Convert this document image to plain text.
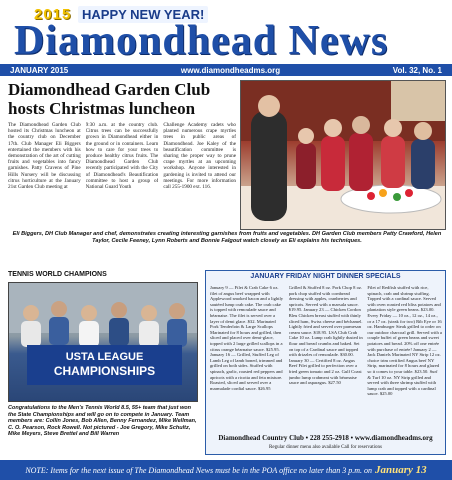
2015 HAPPY NEW YEAR!
Diamondhead News
JANUARY 2015	www.diamondheadms.org	Vol. 32, No. 1
Diamondhead Garden Club hosts Christmas luncheon
The Diamondhead Garden Club hosted its Christmas luncheon at the country club on December 17th. Club Manager Eli Biggers entertained the members with his demonstration of the art of cutting fruits and vegetables into fancy garnishes. Patty Cravens of Pine Hills Nursery will be discussing citrus horticulture at the January 21st Garden Club meeting at
9:30 a.m. at the country club. Citrus trees can be successfully grown in Diamondhead either in the ground or in containers. Learn how to care for your trees to produce healthy citrus fruits. The Diamondhead Garden Club recently participated with the City of Diamondhead's Beautification committee to host a group of National Guard Youth
Challenge Academy cadets who planted numerous crape myrtles trees in public areas of Diamondhead. Joe Kaley of the beautification committee is sharing the proper way to prune crape myrtles at an upcoming workshop. Anyone interested in gardening is invited to attend our meetings. For more information call 255-1900 ext. 116.
Eli Biggers, DH Club Manager and chef, demonstrates creating interesting garnishes from fruits and vegetables. DH Garden Club members Patty Crawford, Helen Taylor, Cecile Feeney, Lynn Roberts and Bonnie Falgout watch closely as Eli explains his techniques.
TENNIS WORLD CHAMPIONS
USTA LEAGUE
CHAMPIONSHIPS
Congratulations to the Men's Tennis World 8.5, 55+ team that just won the State Championships and will go on to compete in January. Team members are: Collin Jones, Bob Allen, Benny Fernandez, Mike Wellman, C. O. Pearson, Rock Rowell. Not pictured - Joe Gregory, Mike Schultz, Mike Meyers, Steve Brettel and Bill Warren
JANUARY FRIDAY NIGHT DINNER SPECIALS
January 9 — Filet & Crab Cake 6 oz. filet of angus beef wrapped with Applewood smoked bacon and a lightly sautéed lump crab cake. The crab cake is topped with remoulade sauce and béarnaise. The filet is served over a layer of demi glace. $32. Marinated Pork Tenderloin & Large Scallops Marinated for 8 hours and grilled, then sliced and placed over demi-glace, topped with 2 large grilled scallops in a citrus orange béarnaise sauce. $25.95. January 16 — Grilled, Stuffed Leg of Lamb Leg of lamb boned, trimmed and grilled on both sides. Stuffed with spinach, garlic, roasted red peppers and apricots with a ricotta and feta mixture. Roasted, sliced and served over a marmalade cordial sauce. $26.95
Grilled & Stuffed 8 oz. Pork Chop 8 oz. pork chop stuffed with cornbread dressing with apples, cranberries and apricots. Served with a marsala sauce. $19.95. January 23 — Chicken Cordon Bleu Chicken breast stuffed with thinly sliced ham, Swiss cheese and béchamel. Lightly fried and served over parmesan cream sauce. $18.95. LSA Club Crab Cake 10 oz. Lump crab lightly dusted in flour and bread crumbs and baked. Set on top of a Cardinal sauce and topped with drizzles of remoulade. $30.00. January 30 — Certified 8 oz. Angus Beef Filet grilled to perfection over a fried green tomato and 2 oz. Gulf Coast jumbo lump crabmeat with béarnaise sauce and asparagus. $27.50
Filet of Redfish stuffed with rice, spinach, crab and shrimp stuffing. Topped with a cardinal sauce. Served with oven roasted red bliss potatoes and plantation style green beans. $23.00. Every Friday — 10 oz., 12 oz., 14 oz., or a 17 oz. (steak for two) Rib Eye or 16 oz. Hamburger Steak grilled to order on our outdoor charcoal grill. Served with a couple buffet of green beans and sweet potatoes and bread. 20% off one entrée with purchase of entrée! January 2 — Jack Daniels Marinated NY Strip 12 oz. choice trim certified Angus beef NY Strip, marinated for 8 hours and glazed so it comes to your table. $23.50. Surf & Turf 10 oz. NY Strip grilled and served with three shrimp stuffed with lump crab and topped with a cardinal sauce. $25.00
Diamondhead Country Club • 228 255-2918 • www.diamondheadms.org
Regular dinner menu also available Call for reservations
NOTE: Items for the next issue of The Diamondhead News must be in the POA office no later than 3 p.m. on January 13
